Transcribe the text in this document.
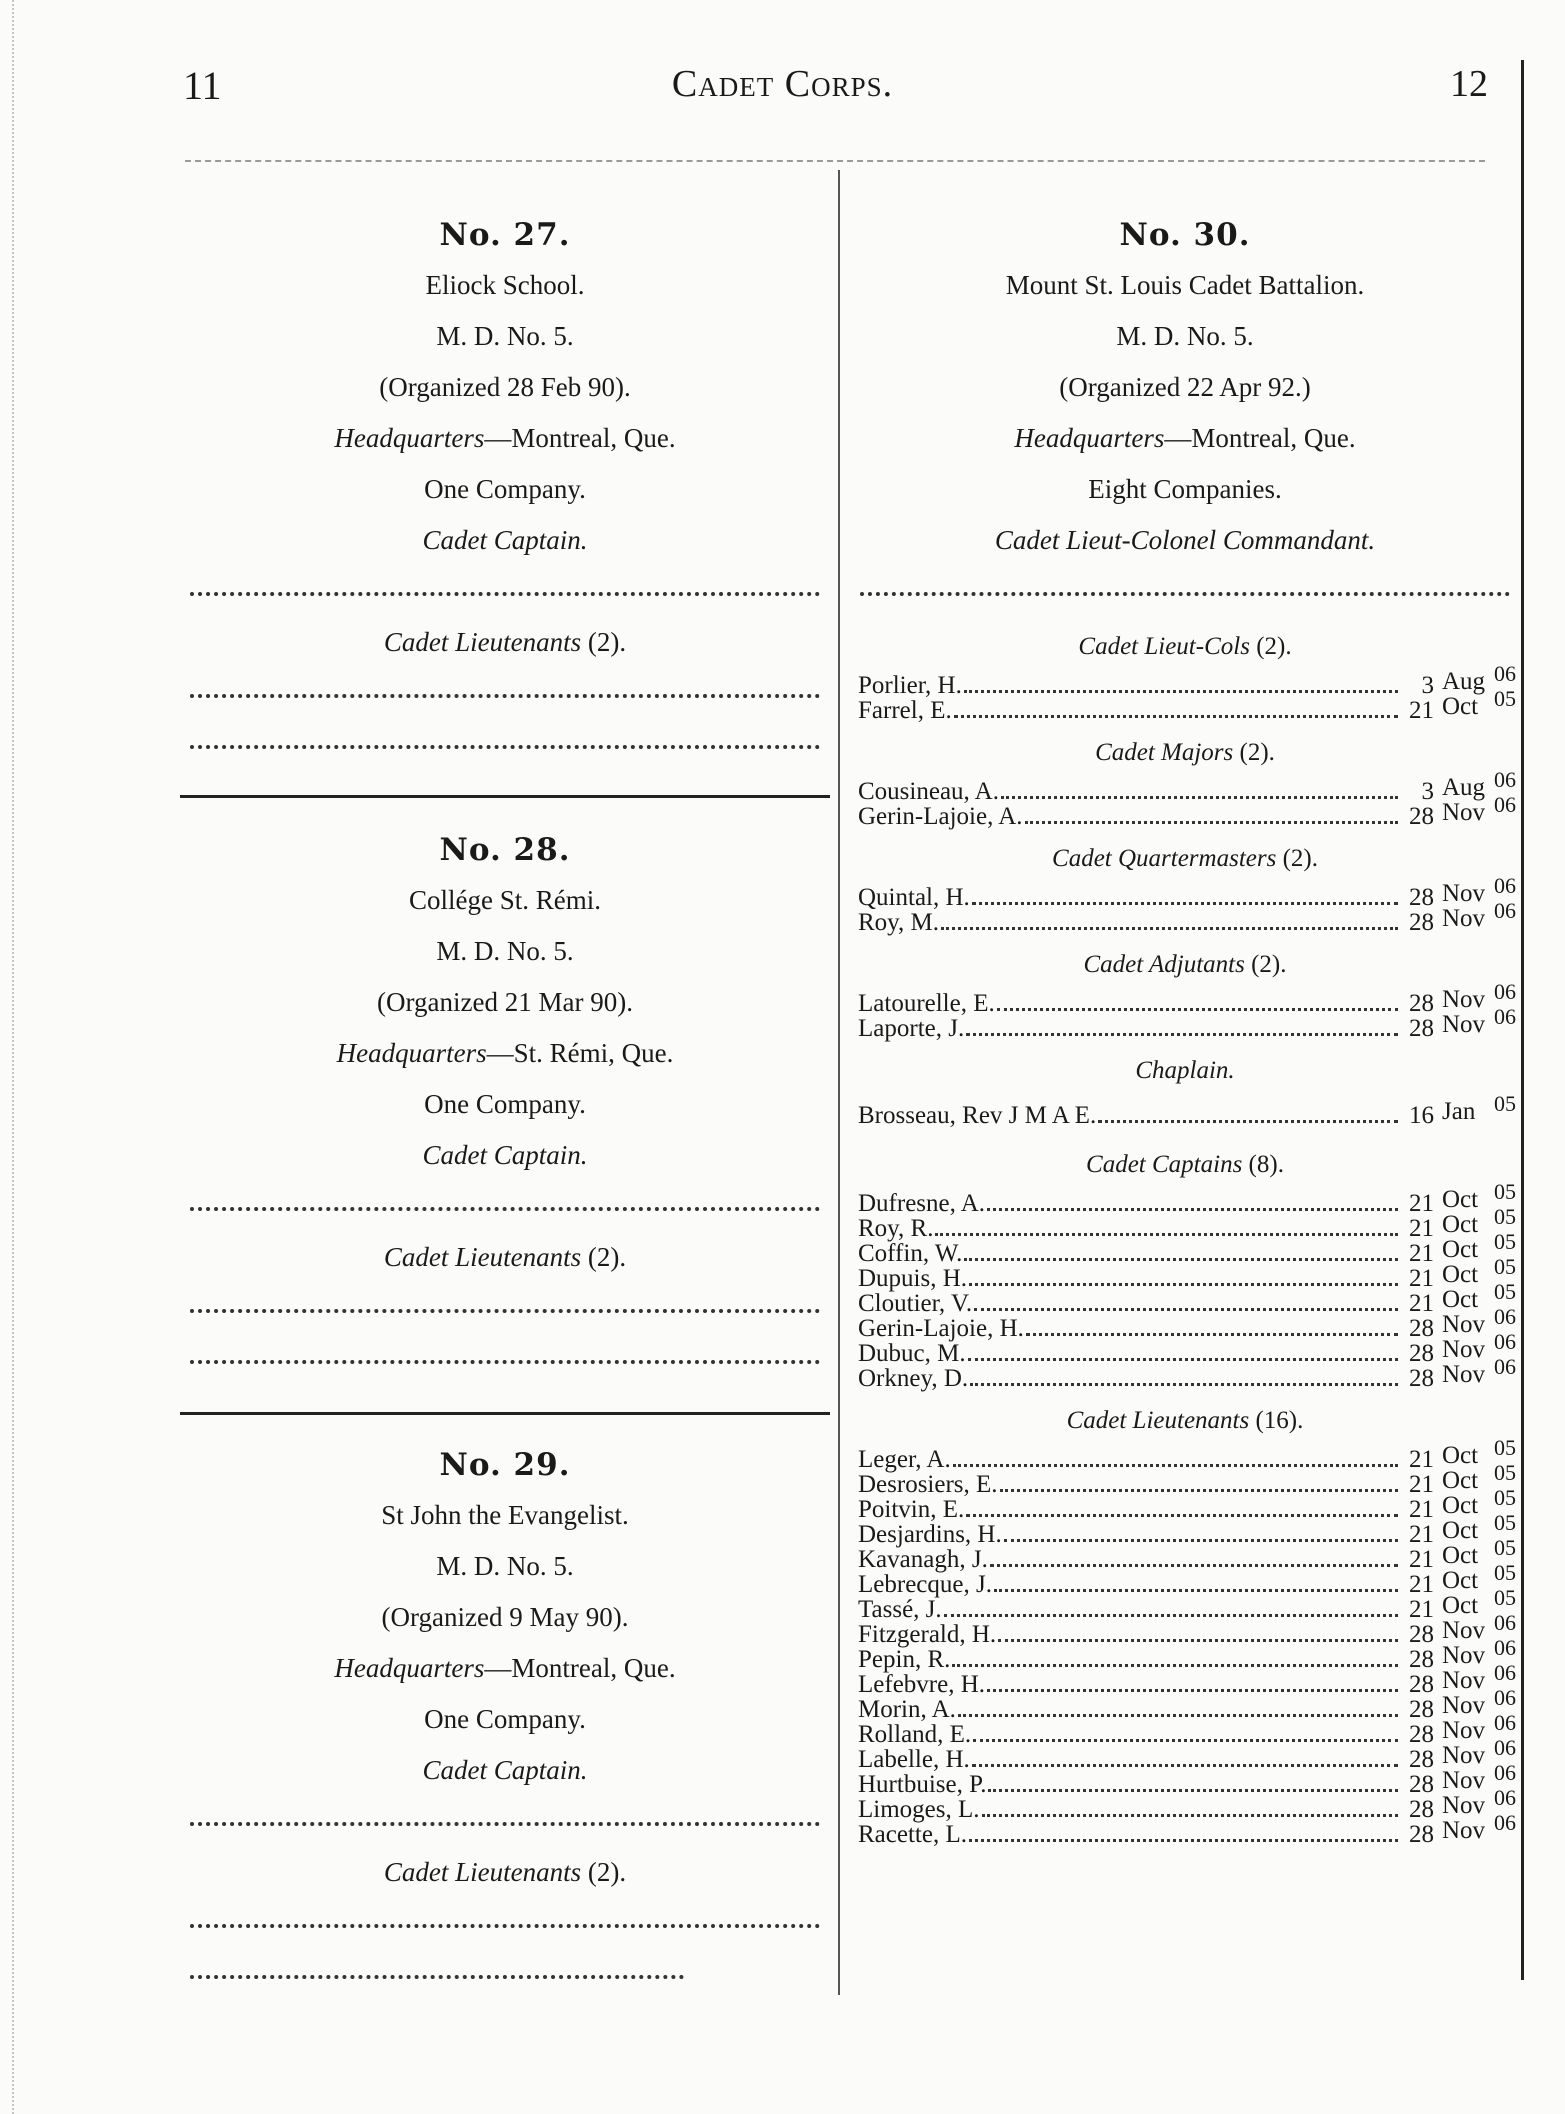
11	Cadet Corps.	12
No. 27.
Eliock School.
M. D. No. 5.
(Organized 28 Feb 90).
Headquarters—Montreal, Que.
One Company.
Cadet Captain.
Cadet Lieutenants (2).
No. 28.
Collége St. Rémi.
M. D. No. 5.
(Organized 21 Mar 90).
Headquarters—St. Rémi, Que.
One Company.
Cadet Captain.
Cadet Lieutenants (2).
No. 29.
St John the Evangelist.
M. D. No. 5.
(Organized 9 May 90).
Headquarters—Montreal, Que.
One Company.
Cadet Captain.
Cadet Lieutenants (2).
No. 30.
Mount St. Louis Cadet Battalion.
M. D. No. 5.
(Organized 22 Apr 92.)
Headquarters—Montreal, Que.
Eight Companies.
Cadet Lieut-Colonel Commandant.
Cadet Lieut-Cols (2).
Porlier, H.	3 Aug 06
Farrel, E.	21 Oct 05
Cadet Majors (2).
Cousineau, A.	3 Aug 06
Gerin-Lajoie, A.	28 Nov 06
Cadet Quartermasters (2).
Quintal, H.	28 Nov 06
Roy, M.	28 Nov 06
Cadet Adjutants (2).
Latourelle, E.	28 Nov 06
Laporte, J.	28 Nov 06
Chaplain.
Brosseau, Rev J M A E.	16 Jan 05
Cadet Captains (8).
Dufresne, A.	21 Oct 05
Roy, R.	21 Oct 05
Coffin, W.	21 Oct 05
Dupuis, H.	21 Oct 05
Cloutier, V.	21 Oct 05
Gerin-Lajoie, H.	28 Nov 06
Dubuc, M.	28 Nov 06
Orkney, D.	28 Nov 06
Cadet Lieutenants (16).
Leger, A.	21 Oct 05
Desrosiers, E.	21 Oct 05
Poitvin, E.	21 Oct 05
Desjardins, H.	21 Oct 05
Kavanagh, J.	21 Oct 05
Lebrecque, J.	21 Oct 05
Tassé, J.	21 Oct 05
Fitzgerald, H.	28 Nov 06
Pepin, R.	28 Nov 06
Lefebvre, H.	28 Nov 06
Morin, A.	28 Nov 06
Rolland, E.	28 Nov 06
Labelle, H.	28 Nov 06
Hurtbuise, P.	28 Nov 06
Limoges, L.	28 Nov 06
Racette, L.	28 Nov 06
